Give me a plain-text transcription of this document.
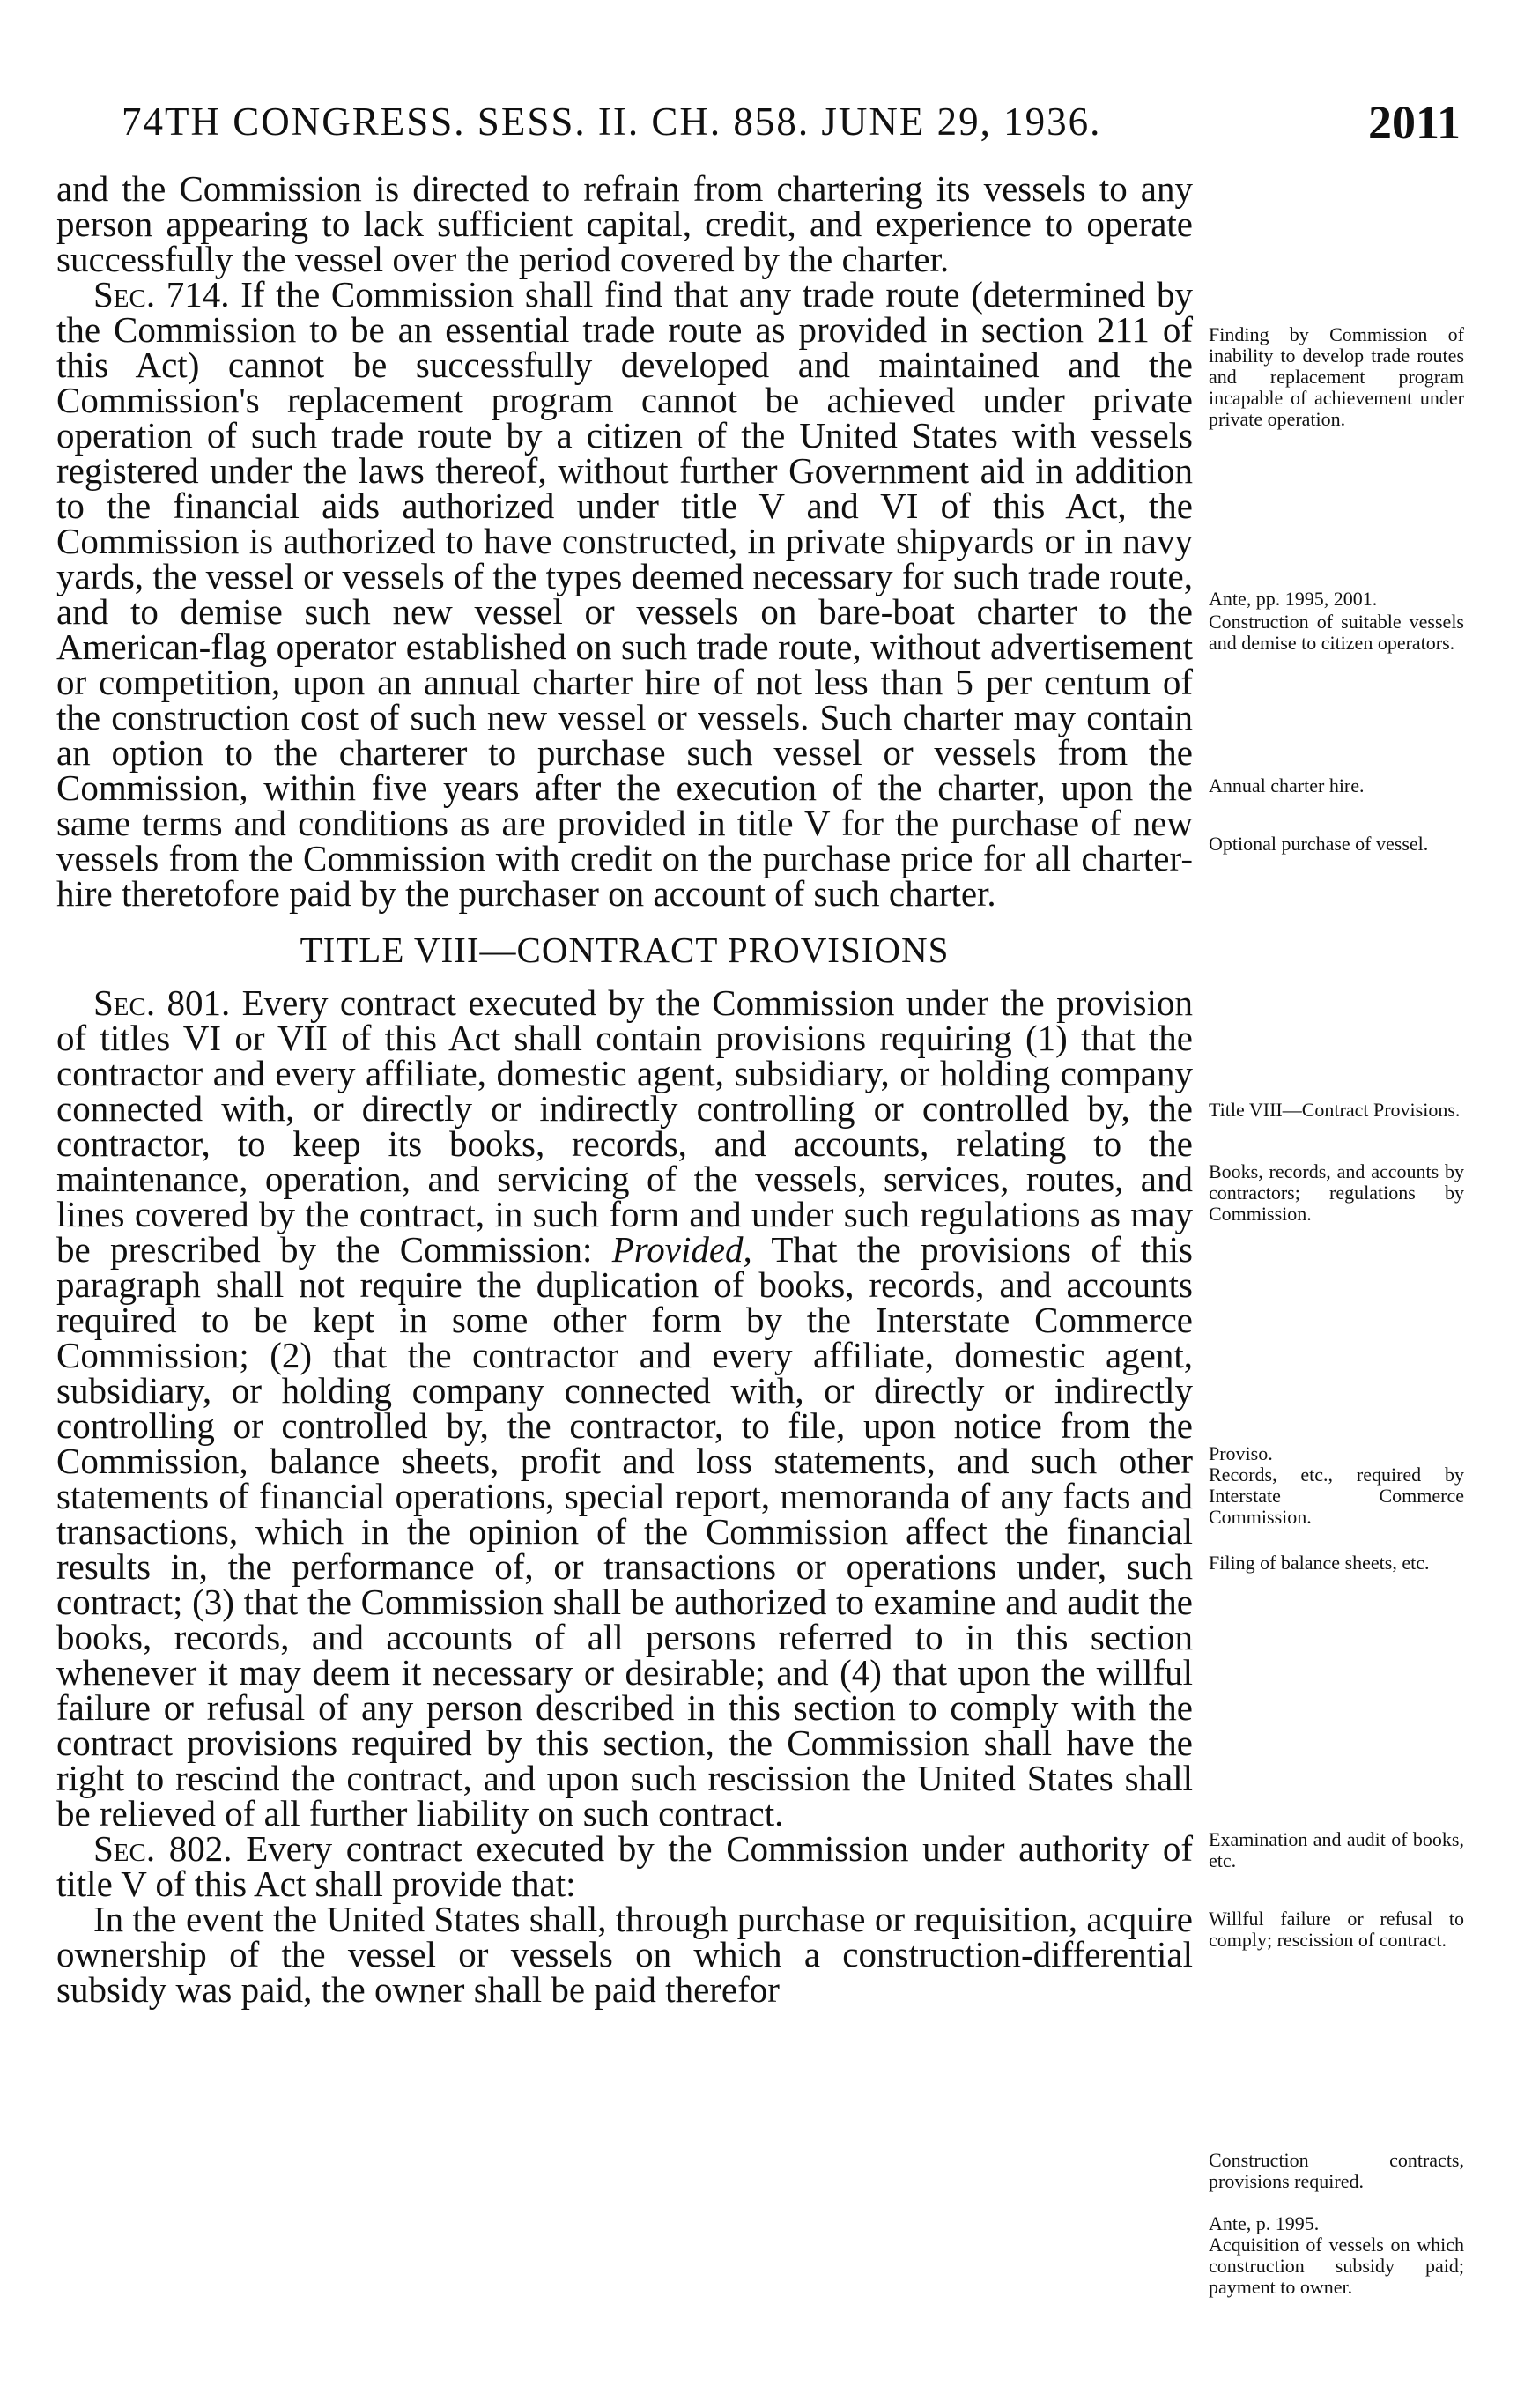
74TH CONGRESS. SESS. II. CH. 858. JUNE 29, 1936.	2011

and the Commission is directed to refrain from chartering its vessels to any person appearing to lack sufficient capital, credit, and experience to operate successfully the vessel over the period covered by the charter.

Sec. 714. If the Commission shall find that any trade route (determined by the Commission to be an essential trade route as provided in section 211 of this Act) cannot be successfully developed and maintained and the Commission's replacement program cannot be achieved under private operation of such trade route by a citizen of the United States with vessels registered under the laws thereof, without further Government aid in addition to the financial aids authorized under title V and VI of this Act, the Commission is authorized to have constructed, in private shipyards or in navy yards, the vessel or vessels of the types deemed necessary for such trade route, and to demise such new vessel or vessels on bare-boat charter to the American-flag operator established on such trade route, without advertisement or competition, upon an annual charter hire of not less than 5 per centum of the construction cost of such new vessel or vessels. Such charter may contain an option to the charterer to purchase such vessel or vessels from the Commission, within five years after the execution of the charter, upon the same terms and conditions as are provided in title V for the purchase of new vessels from the Commission with credit on the purchase price for all charter-hire theretofore paid by the purchaser on account of such charter.

TITLE VIII—CONTRACT PROVISIONS

Sec. 801. Every contract executed by the Commission under the provision of titles VI or VII of this Act shall contain provisions requiring (1) that the contractor and every affiliate, domestic agent, subsidiary, or holding company connected with, or directly or indirectly controlling or controlled by, the contractor, to keep its books, records, and accounts, relating to the maintenance, operation, and servicing of the vessels, services, routes, and lines covered by the contract, in such form and under such regulations as may be prescribed by the Commission: Provided, That the provisions of this paragraph shall not require the duplication of books, records, and accounts required to be kept in some other form by the Interstate Commerce Commission; (2) that the contractor and every affiliate, domestic agent, subsidiary, or holding company connected with, or directly or indirectly controlling or controlled by, the contractor, to file, upon notice from the Commission, balance sheets, profit and loss statements, and such other statements of financial operations, special report, memoranda of any facts and transactions, which in the opinion of the Commission affect the financial results in, the performance of, or transactions or operations under, such contract; (3) that the Commission shall be authorized to examine and audit the books, records, and accounts of all persons referred to in this section whenever it may deem it necessary or desirable; and (4) that upon the willful failure or refusal of any person described in this section to comply with the contract provisions required by this section, the Commission shall have the right to rescind the contract, and upon such rescission the United States shall be relieved of all further liability on such contract.

Sec. 802. Every contract executed by the Commission under authority of title V of this Act shall provide that:

In the event the United States shall, through purchase or requisition, acquire ownership of the vessel or vessels on which a construction-differential subsidy was paid, the owner shall be paid therefor

Finding by Commission of inability to develop trade routes and replacement program incapable of achievement under private operation.
Ante, pp. 1995, 2001.
Construction of suitable vessels and demise to citizen operators.
Annual charter hire.
Optional purchase of vessel.
Title VIII—Contract Provisions.
Books, records, and accounts by contractors; regulations by Commission.
Proviso.
Records, etc., required by Interstate Commerce Commission.
Filing of balance sheets, etc.
Examination and audit of books, etc.
Willful failure or refusal to comply; rescission of contract.
Construction contracts, provisions required.
Ante, p. 1995.
Acquisition of vessels on which construction subsidy paid; payment to owner.
